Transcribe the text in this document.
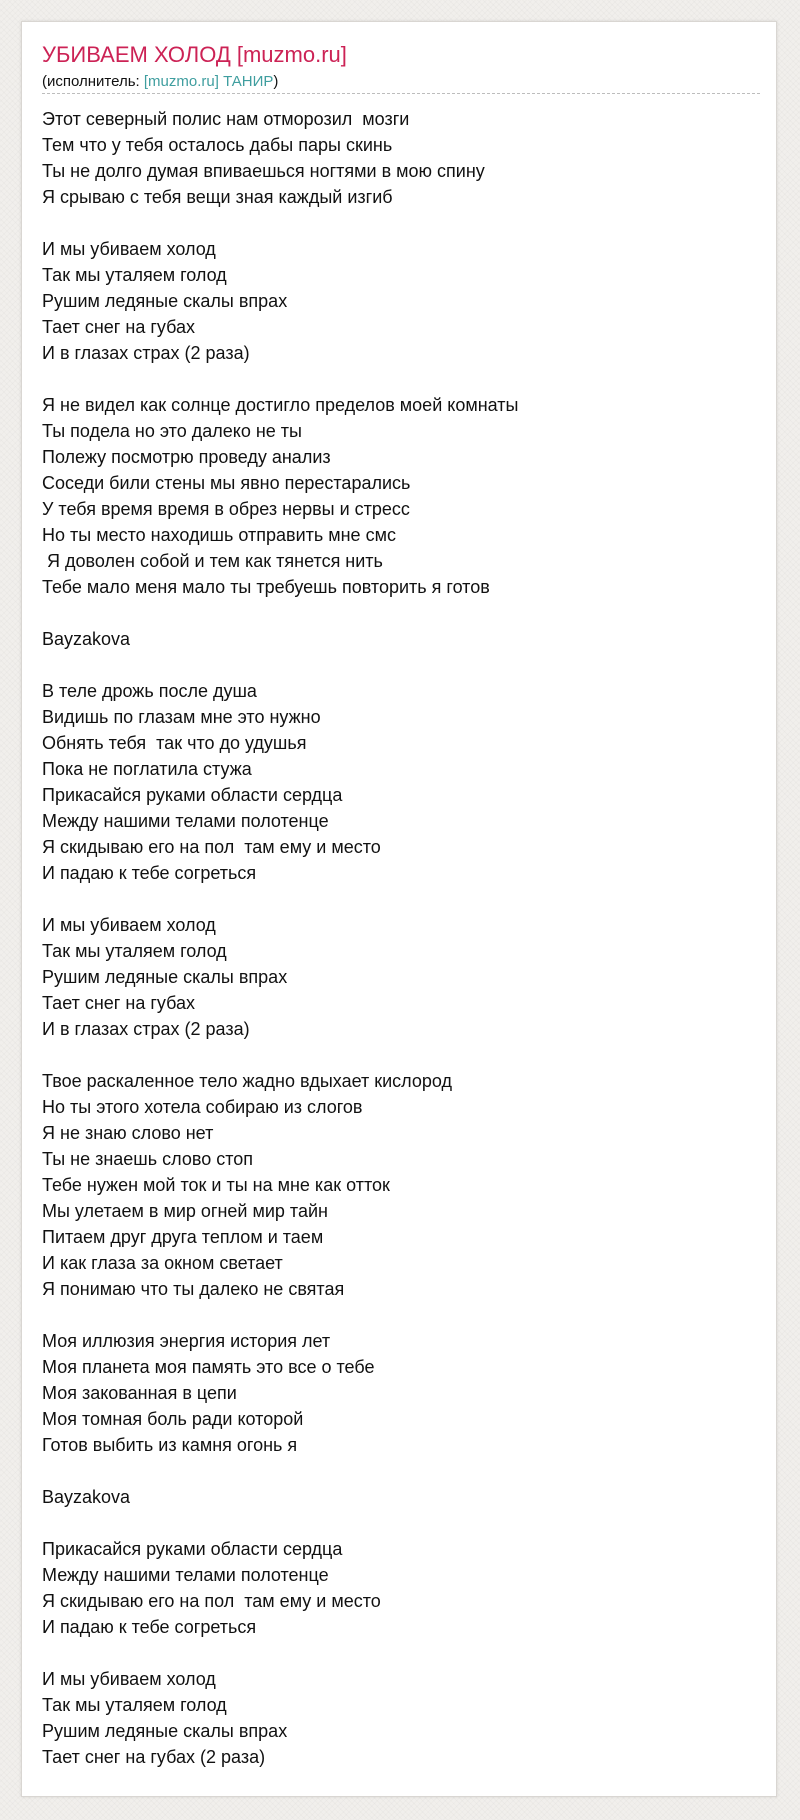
УБИВАЕМ ХОЛОД [muzmo.ru]
(исполнитель: [muzmo.ru] ТАНИР)
Этот северный полис нам отморозил  мозги
Тем что у тебя осталось дабы пары скинь
Ты не долго думая впиваешься ногтями в мою спину
Я срываю с тебя вещи зная каждый изгиб
И мы убиваем холод
Так мы уталяем голод
Рушим ледяные скалы впрах
Тает снег на губах
И в глазах страх (2 раза)
Я не видел как солнце достигло пределов моей комнаты
Ты подела но это далеко не ты
Полежу посмотрю проведу анализ
Соседи били стены мы явно перестарались
У тебя время время в обрез нервы и стресс
Но ты место находишь отправить мне смс
Я доволен собой и тем как тянется нить
Тебе мало меня мало ты требуешь повторить я готов
Bayzakova
В теле дрожь после душа
Видишь по глазам мне это нужно
Обнять тебя  так что до удушья
Пока не поглатила стужа
Прикасайся руками области сердца
Между нашими телами полотенце
Я скидываю его на пол  там ему и место
И падаю к тебе согреться
И мы убиваем холод
Так мы уталяем голод
Рушим ледяные скалы впрах
Тает снег на губах
И в глазах страх (2 раза)
Твое раскаленное тело жадно вдыхает кислород
Но ты этого хотела собираю из слогов
Я не знаю слово нет
Ты не знаешь слово стоп
Тебе нужен мой ток и ты на мне как отток
Мы улетаем в мир огней мир тайн
Питаем друг друга теплом и таем
И как глаза за окном светает
Я понимаю что ты далеко не святая
Моя иллюзия энергия история лет
Моя планета моя память это все о тебе
Моя закованная в цепи
Моя томная боль ради которой
Готов выбить из камня огонь я
Bayzakova
Прикасайся руками области сердца
Между нашими телами полотенце
Я скидываю его на пол  там ему и место
И падаю к тебе согреться
И мы убиваем холод
Так мы уталяем голод
Рушим ледяные скалы впрах
Тает снег на губах (2 раза)
